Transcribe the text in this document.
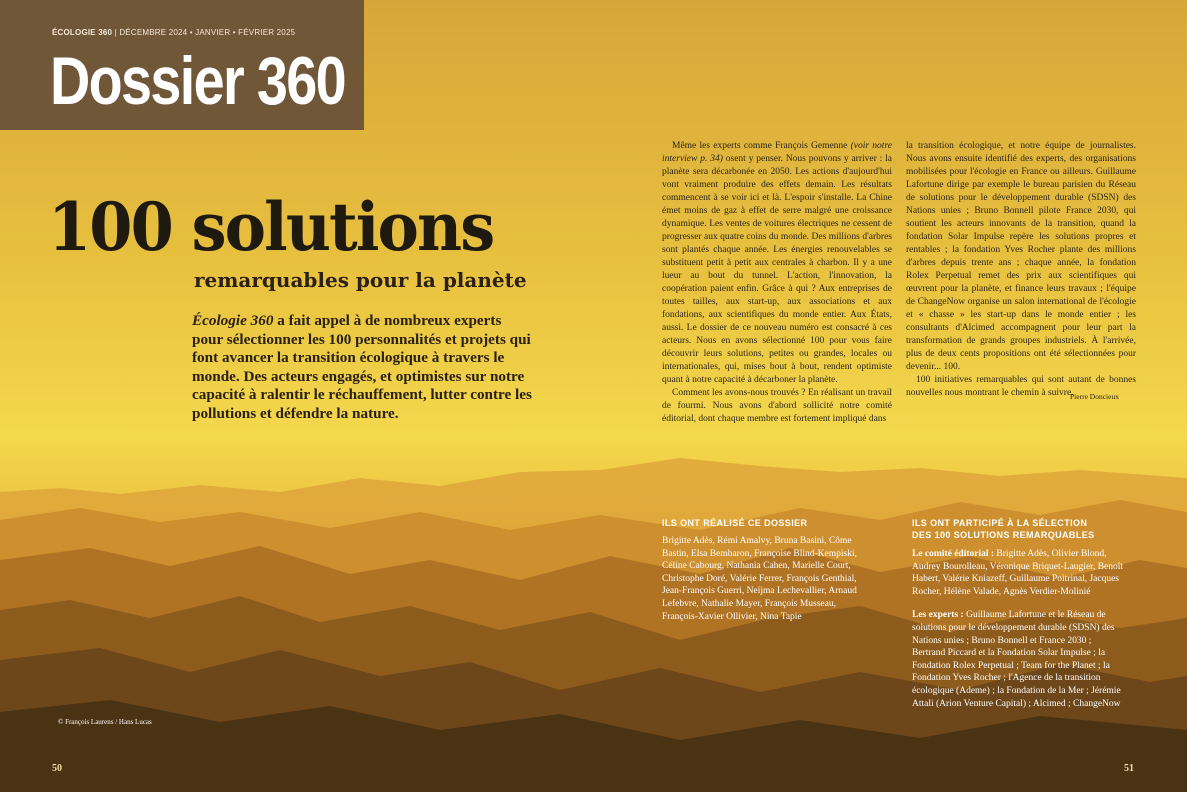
ÉCOLOGIE 360 | DÉCEMBRE 2024 • JANVIER • FÉVRIER 2025
Dossier 360
100 solutions
remarquables pour la planète
Écologie 360 a fait appel à de nombreux experts pour sélectionner les 100 personnalités et projets qui font avancer la transition écologique à travers le monde. Des acteurs engagés, et optimistes sur notre capacité à ralentir le réchauffement, lutter contre les pollutions et défendre la nature.

Même les experts comme François Gemenne (voir notre interview p. 34) osent y penser. Nous pouvons y arriver : la planète sera décarbonée en 2050. Les actions d'aujourd'hui vont vraiment produire des effets demain. Les résultats commencent à se voir ici et là. L'espoir s'installe. La Chine émet moins de gaz à effet de serre malgré une croissance dynamique. Les ventes de voitures électriques ne cessent de progresser aux quatre coins du monde. Des millions d'arbres sont plantés chaque année. Les énergies renouvelables se substituent petit à petit aux centrales à charbon. Il y a une lueur au bout du tunnel. L'action, l'innovation, la coopération paient enfin. Grâce à qui ? Aux entreprises de toutes tailles, aux start-up, aux associations et aux fondations, aux scientifiques du monde entier. Aux États, aussi. Le dossier de ce nouveau numéro est consacré à ces acteurs. Nous en avons sélectionné 100 pour vous faire découvrir leurs solutions, petites ou grandes, locales ou internationales, qui, mises bout à bout, rendent optimiste quant à notre capacité à décarboner la planète.

Comment les avons-nous trouvés ? En réalisant un travail de fourmi. Nous avons d'abord sollicité notre comité éditorial, dont chaque membre est fortement impliqué dans

la transition écologique, et notre équipe de journalistes. Nous avons ensuite identifié des experts, des organisations mobilisées pour l'écologie en France ou ailleurs. Guillaume Lafortune dirige par exemple le bureau parisien du Réseau de solutions pour le développement durable (SDSN) des Nations unies ; Bruno Bonnell pilote France 2030, qui soutient les acteurs innovants de la transition, quand la fondation Solar Impulse repère les solutions propres et rentables ; la fondation Yves Rocher plante des millions d'arbres depuis trente ans ; chaque année, la fondation Rolex Perpetual remet des prix aux scientifiques qui œuvrent pour la planète, et finance leurs travaux ; l'équipe de ChangeNow organise un salon international de l'écologie et « chasse » les start-up dans le monde entier ; les consultants d'Alcimed accompagnent pour leur part la transformation de grands groupes industriels. À l'arrivée, plus de deux cents propositions ont été sélectionnées pour devenir... 100.

100 initiatives remarquables qui sont autant de bonnes nouvelles nous montrant le chemin à suivre.

Pierre Doncieux
ILS ONT RÉALISÉ CE DOSSIER
Brigitte Adès, Rémi Amalvy, Bruna Basini, Côme Bastin, Elsa Bembaron, Françoise Blind-Kempiski, Céline Cabourg, Nathania Cahen, Marielle Court, Christophe Doré, Valérie Ferrer, François Genthial, Jean-François Guerri, Neïjma Lechevallier, Arnaud Lefebvre, Nathalie Mayer, François Musseau, François-Xavier Ollivier, Nina Tapie
ILS ONT PARTICIPÉ À LA SÉLECTION
DES 100 SOLUTIONS REMARQUABLES

Le comité éditorial : Brigitte Adès, Olivier Blond, Audrey Bourolleau, Véronique Briquet-Laugier, Benoît Habert, Valérie Kniazeff, Guillaume Poitrinal, Jacques Rocher, Hélène Valade, Agnès Verdier-Molinié

Les experts : Guillaume Lafortune et le Réseau de solutions pour le développement durable (SDSN) des Nations unies ; Bruno Bonnell et France 2030 ; Bertrand Piccard et la Fondation Solar Impulse ; la Fondation Rolex Perpetual ; Team for the Planet ; la Fondation Yves Rocher ; l'Agence de la transition écologique (Ademe) ; la Fondation de la Mer ; Jérémie Attali (Arion Venture Capital) ; Alcimed ; ChangeNow

© François Laurens / Hans Lucas
50	51
